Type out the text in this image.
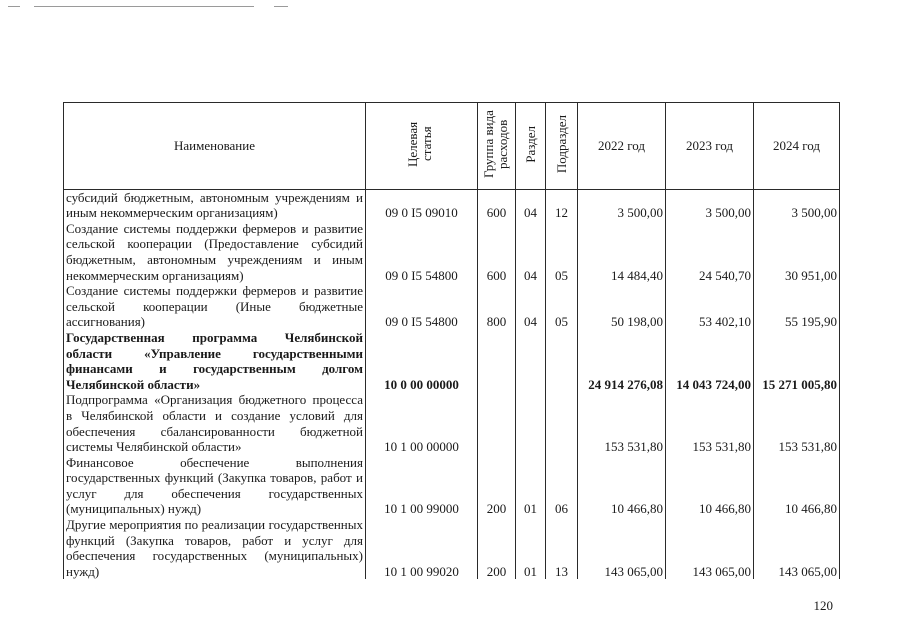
Наименование	Целевая статья	Группа вида расходов	Раздел	Подраздел	2022 год	2023 год	2024 год
субсидий бюджетным, автономным учреждениям и иным некоммерческим организациям)	09 0 I5 09010	600	04	12	3 500,00	3 500,00	3 500,00
Создание системы поддержки фермеров и развитие сельской кооперации (Предоставление субсидий бюджетным, автономным учреждениям и иным некоммерческим организациям)	09 0 I5 54800	600	04	05	14 484,40	24 540,70	30 951,00
Создание системы поддержки фермеров и развитие сельской кооперации (Иные бюджетные ассигнования)	09 0 I5 54800	800	04	05	50 198,00	53 402,10	55 195,90
Государственная программа Челябинской области «Управление государственными финансами и государственным долгом Челябинской области»	10 0 00 00000				24 914 276,08	14 043 724,00	15 271 005,80
Подпрограмма «Организация бюджетного процесса в Челябинской области и создание условий для обеспечения сбалансированности бюджетной системы Челябинской области»	10 1 00 00000				153 531,80	153 531,80	153 531,80
Финансовое обеспечение выполнения государственных функций (Закупка товаров, работ и услуг для обеспечения государственных (муниципальных) нужд)	10 1 00 99000	200	01	06	10 466,80	10 466,80	10 466,80
Другие мероприятия по реализации государственных функций (Закупка товаров, работ и услуг для обеспечения государственных (муниципальных) нужд)	10 1 00 99020	200	01	13	143 065,00	143 065,00	143 065,00
120
